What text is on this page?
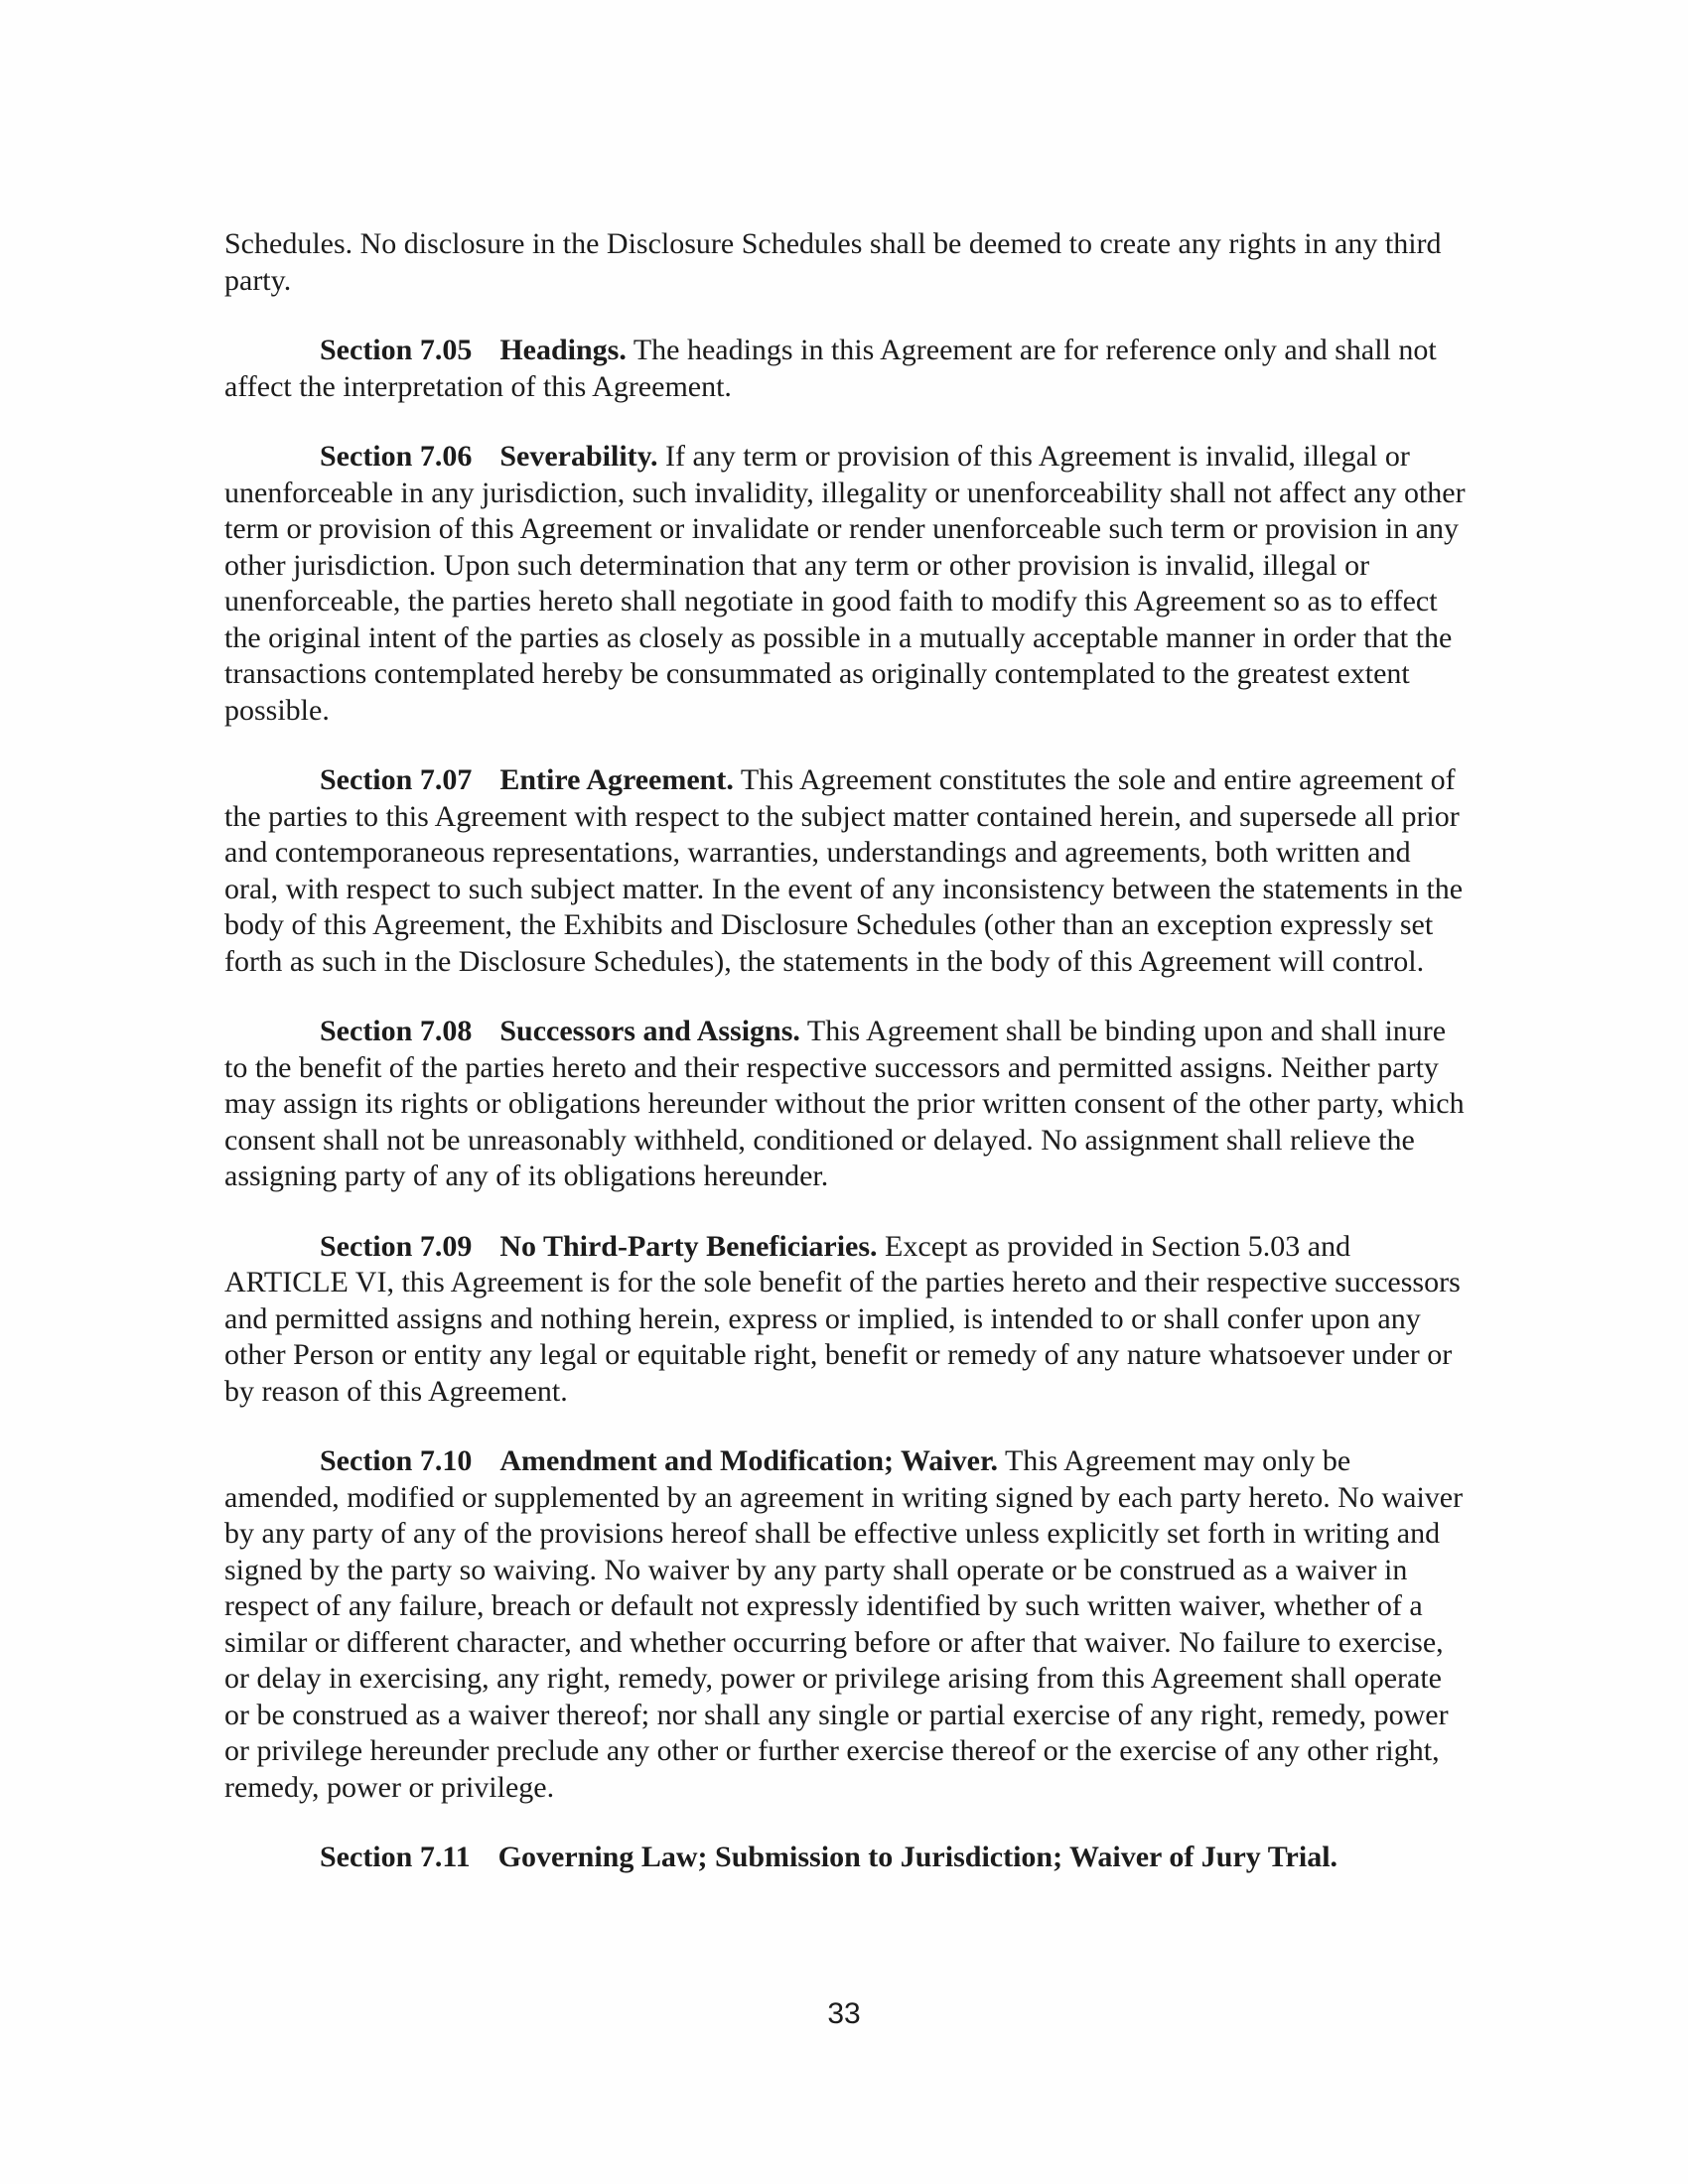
Schedules. No disclosure in the Disclosure Schedules shall be deemed to create any rights in any third party.

Section 7.05 Headings. The headings in this Agreement are for reference only and shall not affect the interpretation of this Agreement.

Section 7.06 Severability. If any term or provision of this Agreement is invalid, illegal or unenforceable in any jurisdiction, such invalidity, illegality or unenforceability shall not affect any other term or provision of this Agreement or invalidate or render unenforceable such term or provision in any other jurisdiction. Upon such determination that any term or other provision is invalid, illegal or unenforceable, the parties hereto shall negotiate in good faith to modify this Agreement so as to effect the original intent of the parties as closely as possible in a mutually acceptable manner in order that the transactions contemplated hereby be consummated as originally contemplated to the greatest extent possible.

Section 7.07 Entire Agreement. This Agreement constitutes the sole and entire agreement of the parties to this Agreement with respect to the subject matter contained herein, and supersede all prior and contemporaneous representations, warranties, understandings and agreements, both written and oral, with respect to such subject matter. In the event of any inconsistency between the statements in the body of this Agreement, the Exhibits and Disclosure Schedules (other than an exception expressly set forth as such in the Disclosure Schedules), the statements in the body of this Agreement will control.

Section 7.08 Successors and Assigns. This Agreement shall be binding upon and shall inure to the benefit of the parties hereto and their respective successors and permitted assigns. Neither party may assign its rights or obligations hereunder without the prior written consent of the other party, which consent shall not be unreasonably withheld, conditioned or delayed. No assignment shall relieve the assigning party of any of its obligations hereunder.

Section 7.09 No Third-Party Beneficiaries. Except as provided in Section 5.03 and ARTICLE VI, this Agreement is for the sole benefit of the parties hereto and their respective successors and permitted assigns and nothing herein, express or implied, is intended to or shall confer upon any other Person or entity any legal or equitable right, benefit or remedy of any nature whatsoever under or by reason of this Agreement.

Section 7.10 Amendment and Modification; Waiver. This Agreement may only be amended, modified or supplemented by an agreement in writing signed by each party hereto. No waiver by any party of any of the provisions hereof shall be effective unless explicitly set forth in writing and signed by the party so waiving. No waiver by any party shall operate or be construed as a waiver in respect of any failure, breach or default not expressly identified by such written waiver, whether of a similar or different character, and whether occurring before or after that waiver. No failure to exercise, or delay in exercising, any right, remedy, power or privilege arising from this Agreement shall operate or be construed as a waiver thereof; nor shall any single or partial exercise of any right, remedy, power or privilege hereunder preclude any other or further exercise thereof or the exercise of any other right, remedy, power or privilege.

Section 7.11 Governing Law; Submission to Jurisdiction; Waiver of Jury Trial.

33
